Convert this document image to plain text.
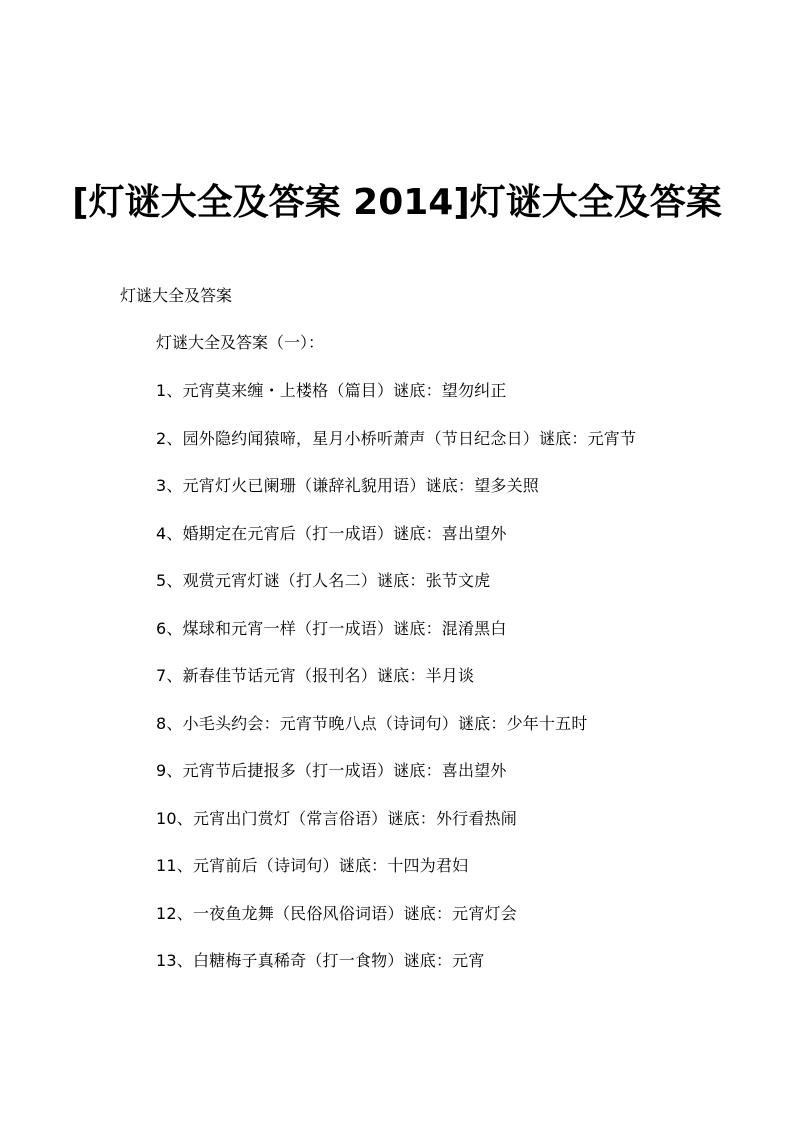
[灯谜大全及答案 2014]灯谜大全及答案

灯谜大全及答案

灯谜大全及答案（一）：

1、元宵莫来缠・上楼格（篇目）谜底：望勿纠正
2、园外隐约闻猿啼，星月小桥听萧声（节日纪念日）谜底：元宵节
3、元宵灯火已阑珊（谦辞礼貌用语）谜底：望多关照
4、婚期定在元宵后（打一成语）谜底：喜出望外
5、观赏元宵灯谜（打人名二）谜底：张节文虎
6、煤球和元宵一样（打一成语）谜底：混淆黑白
7、新春佳节话元宵（报刊名）谜底：半月谈
8、小毛头约会：元宵节晚八点（诗词句）谜底：少年十五时
9、元宵节后捷报多（打一成语）谜底：喜出望外
10、元宵出门赏灯（常言俗语）谜底：外行看热闹
11、元宵前后（诗词句）谜底：十四为君妇
12、一夜鱼龙舞（民俗风俗词语）谜底：元宵灯会
13、白糖梅子真稀奇（打一食物）谜底：元宵
